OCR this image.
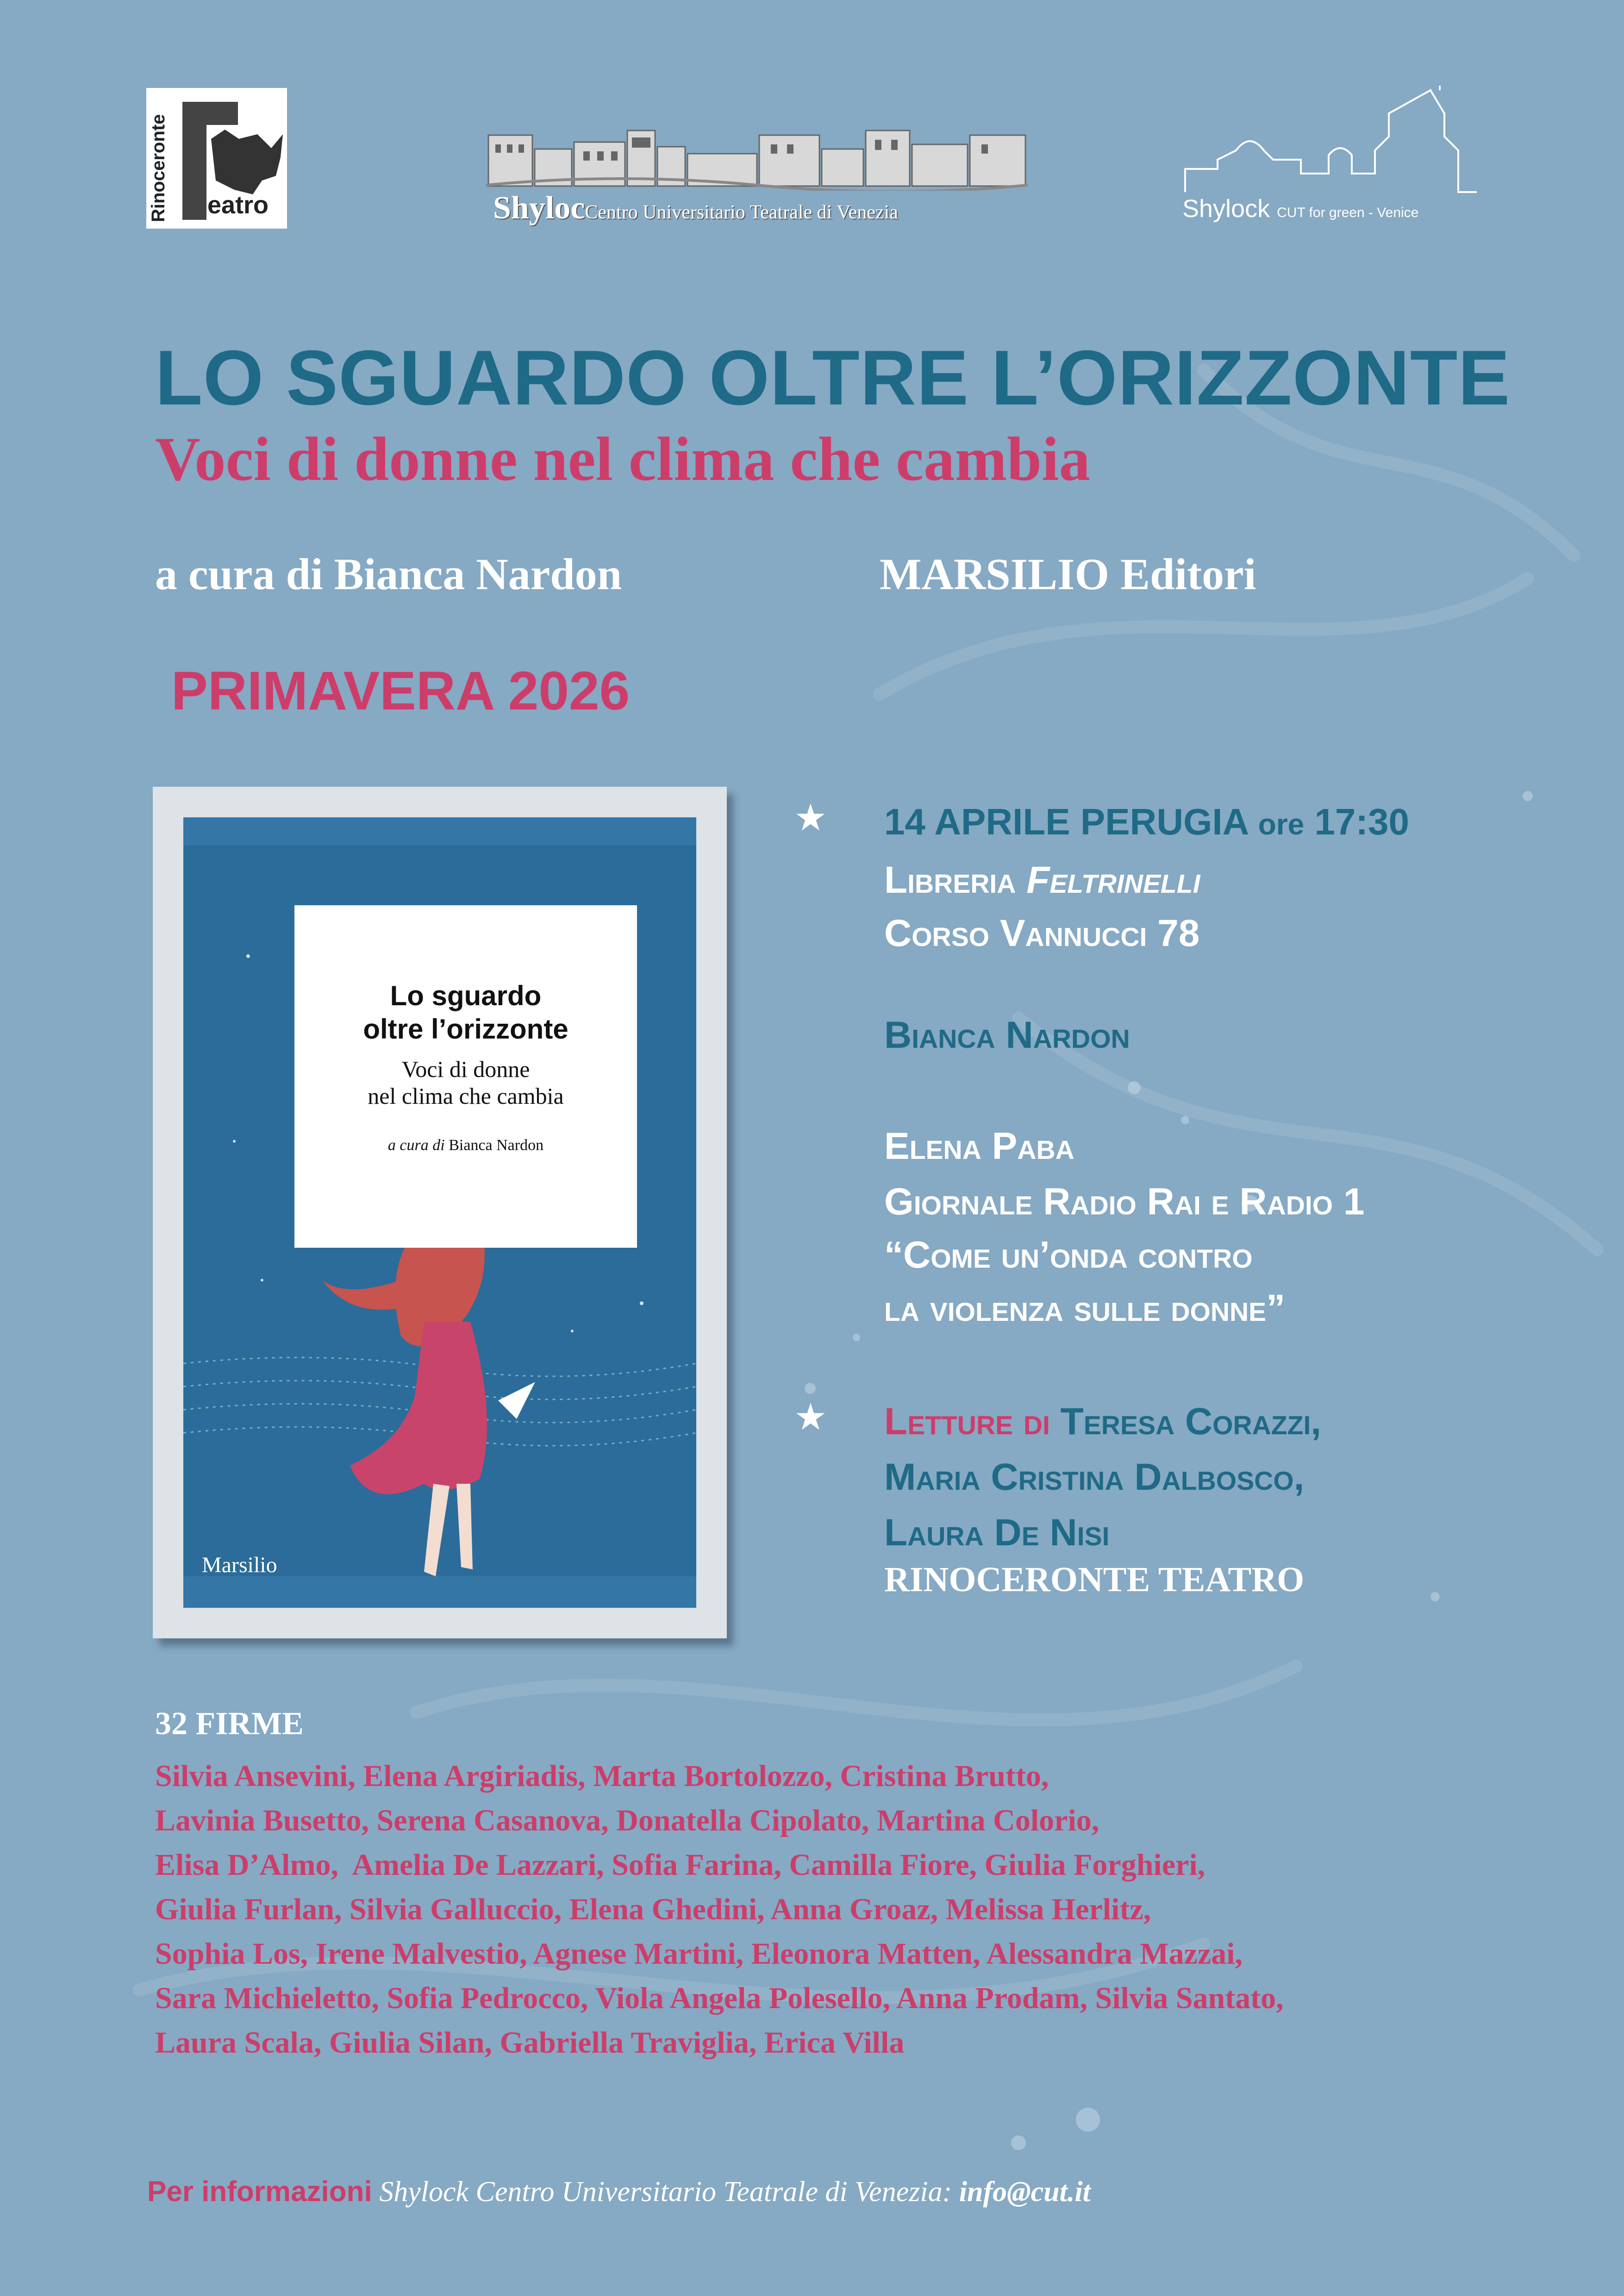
Rinoceronte eatro	ShylocCentro Universitario Teatrale di Venezia	Shylock CUT for green - Venice
LO SGUARDO OLTRE L’ORIZZONTE
Voci di donne nel clima che cambia
a cura di Bianca Nardon	MARSILIO Editori
PRIMAVERA 2026
Lo sguardo
oltre l’orizzonte
Voci di donne
nel clima che cambia
a cura di Bianca Nardon
Marsilio
★ 14 APRILE PERUGIA ore 17:30
Libreria Feltrinelli
Corso Vannucci 78
Bianca Nardon
Elena Paba
Giornale Radio Rai e Radio 1
“Come un’onda contro
la violenza sulle donne”
★ Letture di Teresa Corazzi,
Maria Cristina Dalbosco,
Laura De Nisi
RINOCERONTE TEATRO
32 FIRME
Silvia Ansevini, Elena Argiriadis, Marta Bortolozzo, Cristina Brutto,
Lavinia Busetto, Serena Casanova, Donatella Cipolato, Martina Colorio,
Elisa D’Almo,  Amelia De Lazzari, Sofia Farina, Camilla Fiore, Giulia Forghieri,
Giulia Furlan, Silvia Galluccio, Elena Ghedini, Anna Groaz, Melissa Herlitz,
Sophia Los, Irene Malvestio, Agnese Martini, Eleonora Matten, Alessandra Mazzai,
Sara Michieletto, Sofia Pedrocco, Viola Angela Polesello, Anna Prodam, Silvia Santato,
Laura Scala, Giulia Silan, Gabriella Traviglia, Erica Villa
Per informazioni Shylock Centro Universitario Teatrale di Venezia: info@cut.it
